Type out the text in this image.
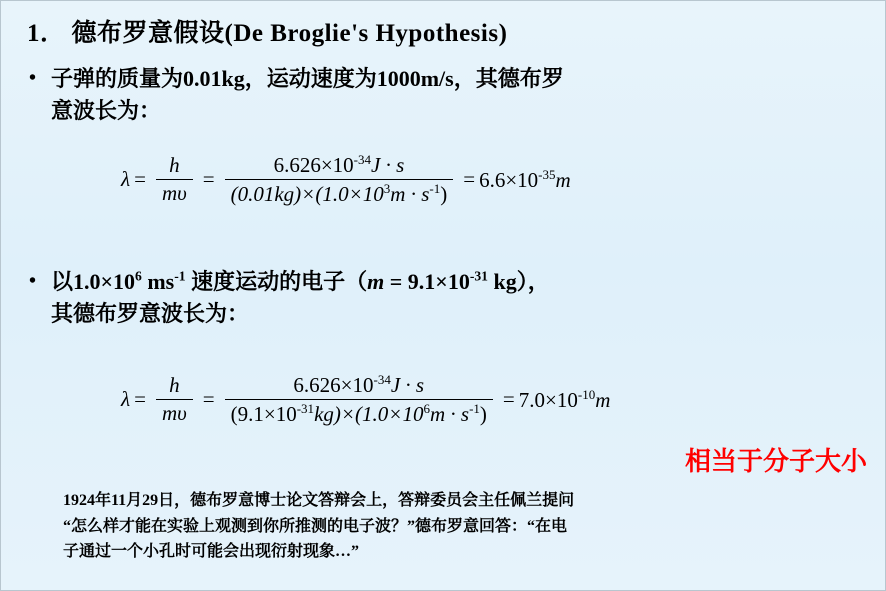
1． 德布罗意假设(De Broglie's Hypothesis)
• 子弹的质量为0.01kg，运动速度为1000m/s，其德布罗
意波长为：
$\lambda = \frac{h}{m\upsilon} = \frac{6.626\times 10^{-34}J \cdot s}{(0.01kg)\times(1.0\times 10^3m \cdot s^{-1})} = 6.6\times 10^{-35}m$
• 以$1.0\times 10^6$ $ms^{-1}$ 速度运动的电子（$m = 9.1\times 10^{-31}$ kg），
其德布罗意波长为：
$\lambda = \frac{h}{m\upsilon} = \frac{6.626\times 10^{-34}J \cdot s}{(9.1\times 10^{-31}kg)\times(1.0\times 10^6m \cdot s^{-1})} = 7.0\times 10^{-10}m$
相当于分子大小
1924年11月29日，德布罗意博士论文答辩会上，答辩委员会主任佩兰提问
“怎么样才能在实验上观测到你所推测的电子波？”德布罗意回答：“在电
子通过一个小孔时可能会出现衍射现象…”
